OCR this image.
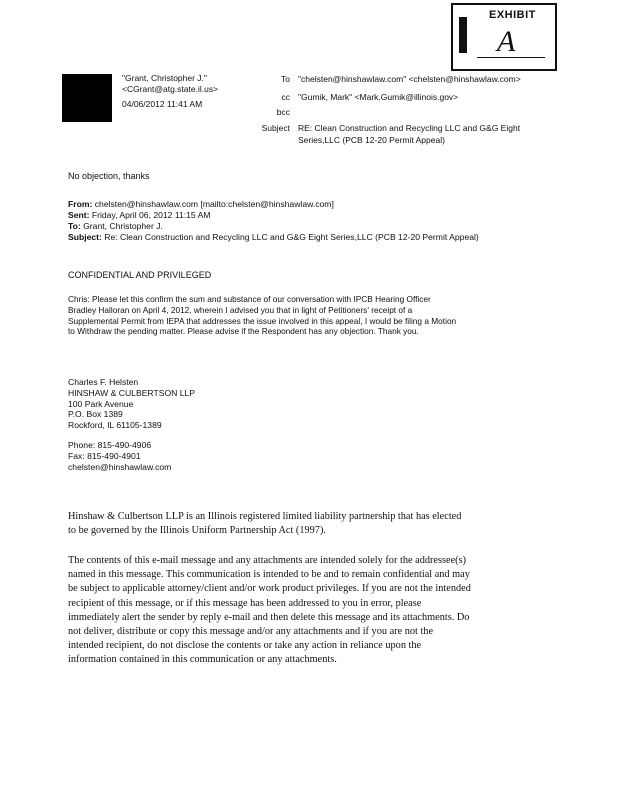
EXHIBIT
tabbies A
"Grant, Christopher J."
<CGrant@atg.state.il.us>
04/06/2012 11:41 AM
To "chelsten@hinshawlaw.com" <chelsten@hinshawlaw.com>
cc "Gumik, Mark" <Mark.Gumik@illinois.gov>
bcc
Subject RE: Clean Construction and Recycling LLC and G&G Eight
Series,LLC (PCB 12-20 Permit Appeal)
No objection, thanks
From: chelsten@hinshawlaw.com [mailto:chelsten@hinshawlaw.com]
Sent: Friday, April 06, 2012 11:15 AM
To: Grant, Christopher J.
Subject: Re: Clean Construction and Recycling LLC and G&G Eight Series,LLC (PCB 12-20 Permit Appeal)
CONFIDENTIAL AND PRIVILEGED
Chris: Please let this confirm the sum and substance of our conversation with IPCB Hearing Officer
Bradley Halloran on April 4, 2012, wherein I advised you that in light of Petitioners' receipt of a
Supplemental Permit from IEPA that addresses the issue involved in this appeal, I would be filing a Motion
to Withdraw the pending matter. Please advise if the Respondent has any objection. Thank you.
Charles F. Helsten
HINSHAW & CULBERTSON LLP
100 Park Avenue
P.O. Box 1389
Rockford, IL 61105-1389
Phone: 815-490-4906
Fax: 815-490-4901
chelsten@hinshawlaw.com
Hinshaw & Culbertson LLP is an Illinois registered limited liability partnership that has elected
to be governed by the Illinois Uniform Partnership Act (1997).
The contents of this e-mail message and any attachments are intended solely for the addressee(s)
named in this message. This communication is intended to be and to remain confidential and may
be subject to applicable attorney/client and/or work product privileges. If you are not the intended
recipient of this message, or if this message has been addressed to you in error, please
immediately alert the sender by reply e-mail and then delete this message and its attachments. Do
not deliver, distribute or copy this message and/or any attachments and if you are not the
intended recipient, do not disclose the contents or take any action in reliance upon the
information contained in this communication or any attachments.
